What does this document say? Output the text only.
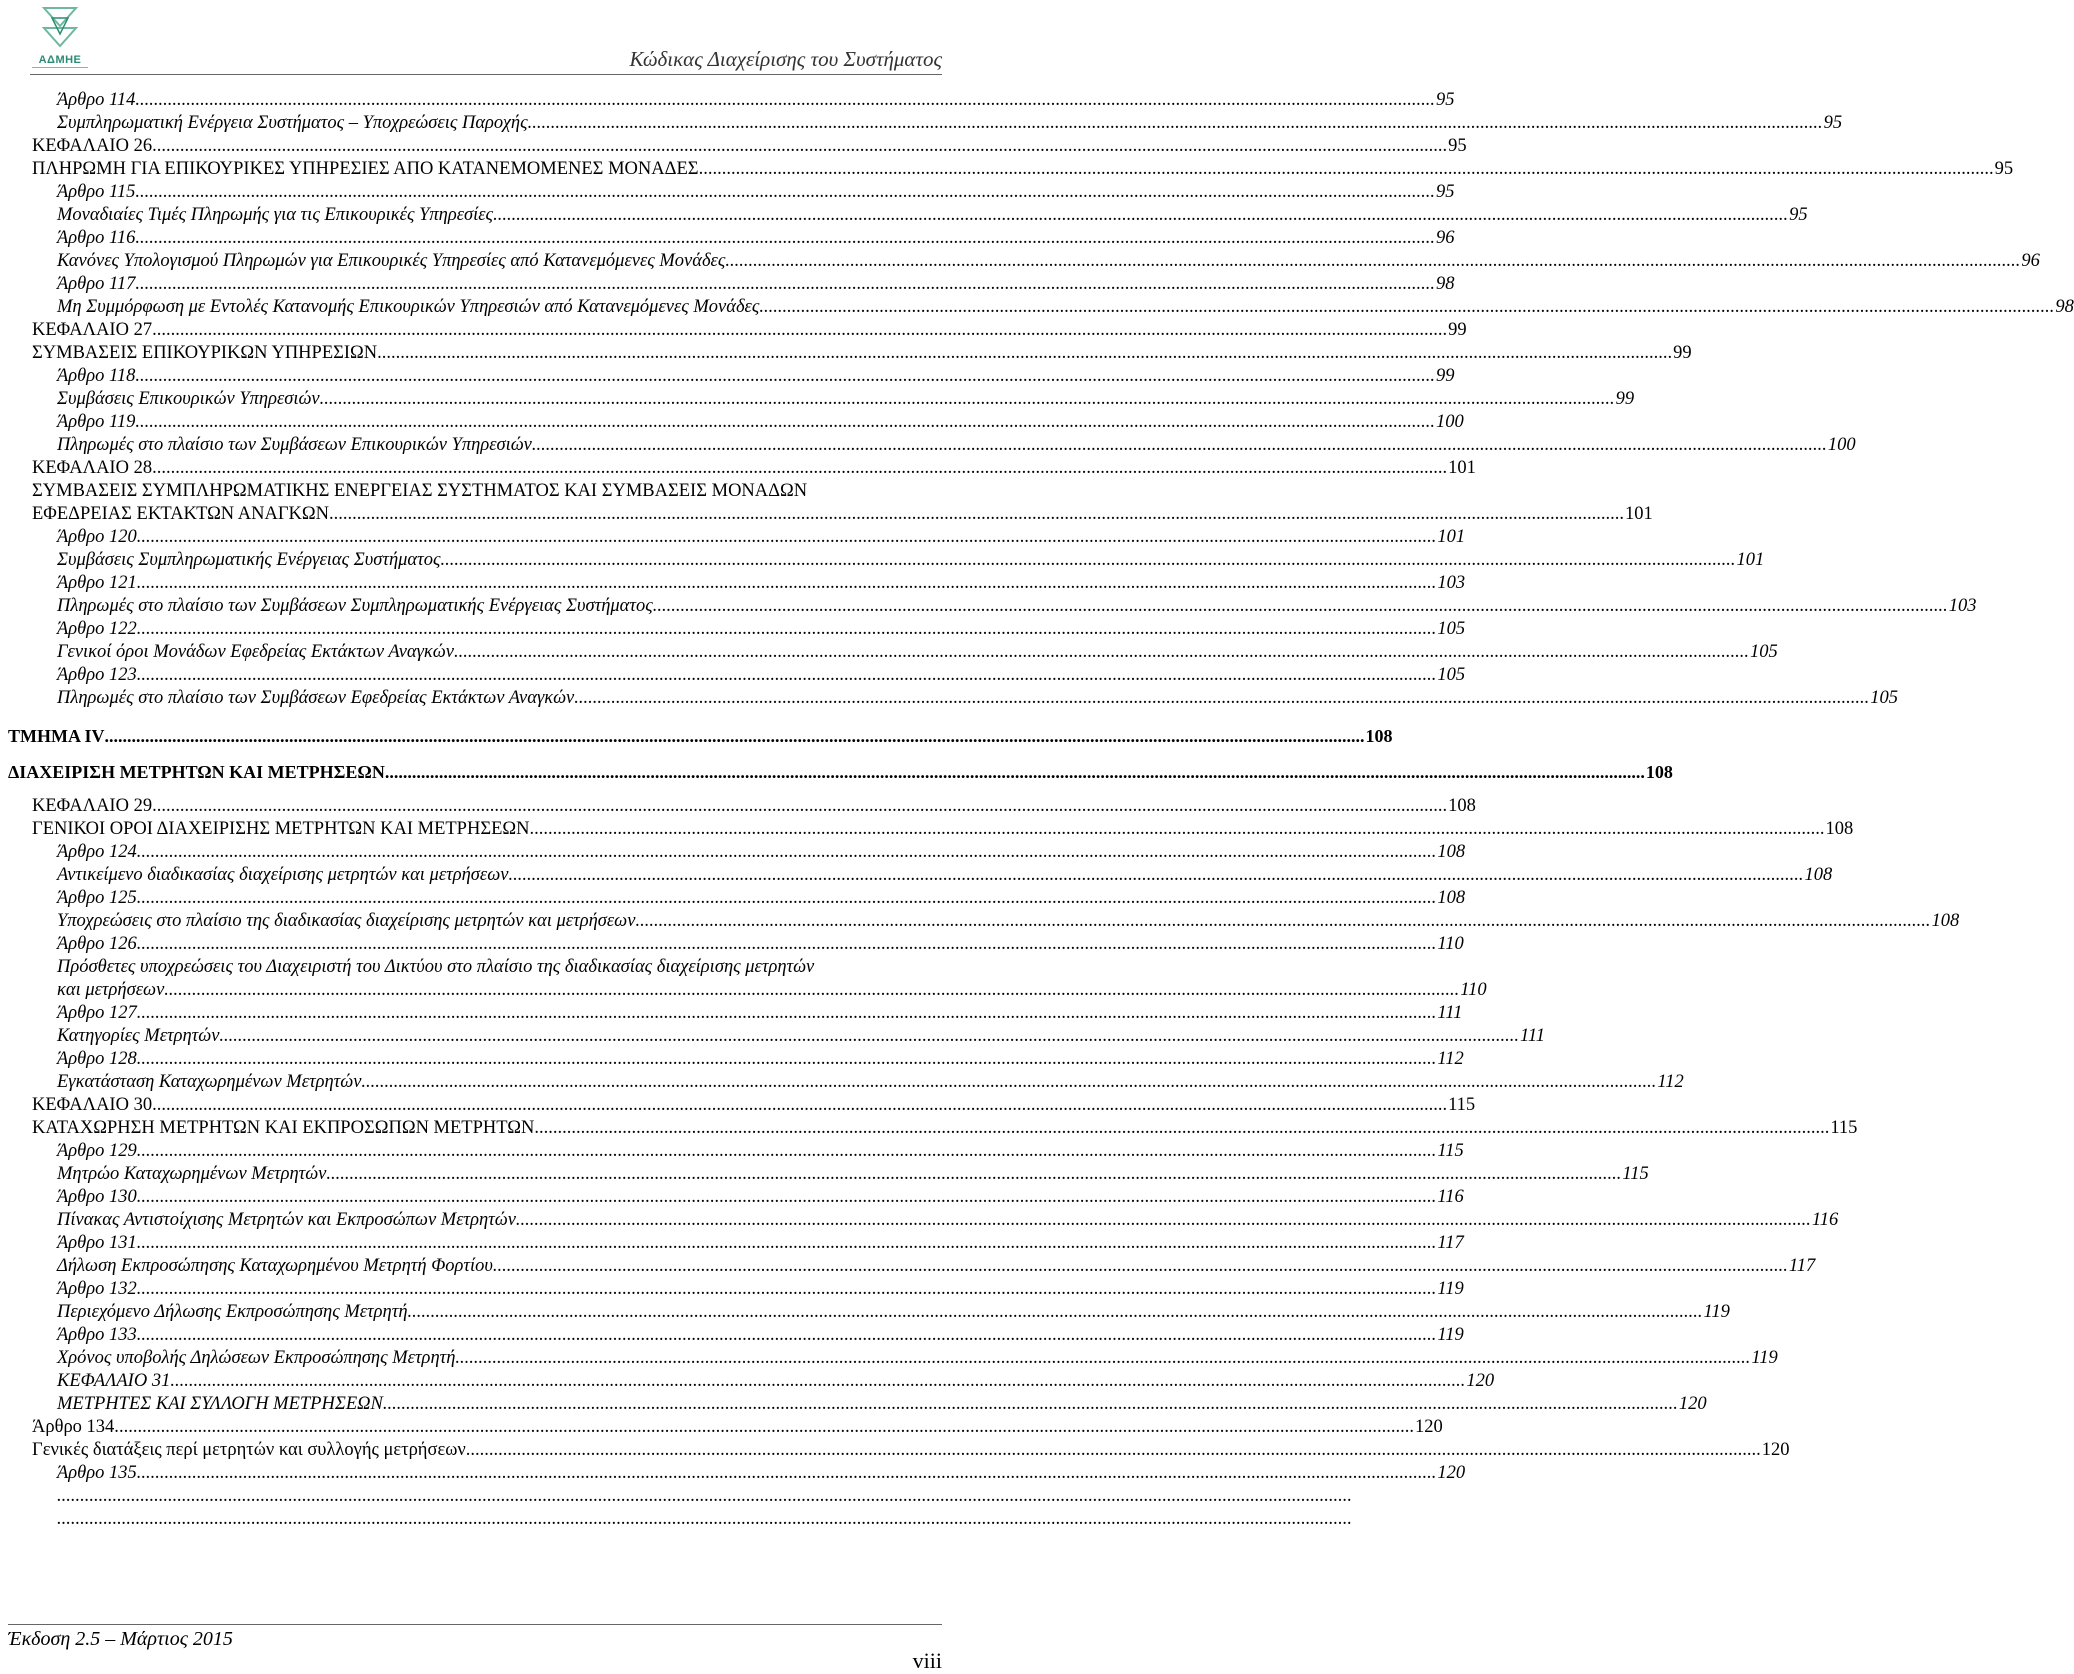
ΑΔΜΗΕ	Κώδικας Διαχείρισης του Συστήματος
Άρθρο 114. .....	95
Συμπληρωματική Ενέργεια Συστήματος – Υποχρεώσεις Παροχής .....	95
ΚΕΦΑΛΑΙΟ 26 .....	95
ΠΛΗΡΩΜΗ ΓΙΑ ΕΠΙΚΟΥΡΙΚΕΣ ΥΠΗΡΕΣΙΕΣ ΑΠΟ ΚΑΤΑΝΕΜΟΜΕΝΕΣ ΜΟΝΑΔΕΣ .....	95
Άρθρο 115. .....	95
Μοναδιαίες Τιμές Πληρωμής για τις Επικουρικές Υπηρεσίες .....	95
Άρθρο 116. .....	96
Κανόνες Υπολογισμού Πληρωμών για Επικουρικές Υπηρεσίες από Κατανεμόμενες Μονάδες .....	96
Άρθρο 117. .....	98
Μη Συμμόρφωση με Εντολές Κατανομής Επικουρικών Υπηρεσιών από Κατανεμόμενες Μονάδες .....	98
ΚΕΦΑΛΑΙΟ 27 .....	99
ΣΥΜΒΑΣΕΙΣ ΕΠΙΚΟΥΡΙΚΩΝ ΥΠΗΡΕΣΙΩΝ .....	99
Άρθρο 118. .....	99
Συμβάσεις Επικουρικών Υπηρεσιών .....	99
Άρθρο 119. .....	100
Πληρωμές στο πλαίσιο των Συμβάσεων Επικουρικών Υπηρεσιών .....	100
ΚΕΦΑΛΑΙΟ 28 .....	101
ΣΥΜΒΑΣΕΙΣ ΣΥΜΠΛΗΡΩΜΑΤΙΚΗΣ ΕΝΕΡΓΕΙΑΣ ΣΥΣΤΗΜΑΤΟΣ ΚΑΙ ΣΥΜΒΑΣΕΙΣ ΜΟΝΑΔΩΝ
ΕΦΕΔΡΕΙΑΣ ΕΚΤΑΚΤΩΝ ΑΝΑΓΚΩΝ .....	101
Άρθρο 120. .....	101
Συμβάσεις Συμπληρωματικής Ενέργειας Συστήματος .....	101
Άρθρο 121. .....	103
Πληρωμές στο πλαίσιο των Συμβάσεων Συμπληρωματικής Ενέργειας Συστήματος .....	103
Άρθρο 122. .....	105
Γενικοί όροι Μονάδων Εφεδρείας Εκτάκτων Αναγκών .....	105
Άρθρο 123. .....	105
Πληρωμές στο πλαίσιο των Συμβάσεων Εφεδρείας Εκτάκτων Αναγκών .....	105
ΤΜΗΜΑ IV .....	108
ΔΙΑΧΕΙΡΙΣΗ ΜΕΤΡΗΤΩΝ ΚΑΙ ΜΕΤΡΗΣΕΩΝ .....	108
ΚΕΦΑΛΑΙΟ 29 .....	108
ΓΕΝΙΚΟΙ ΟΡΟΙ ΔΙΑΧΕΙΡΙΣΗΣ ΜΕΤΡΗΤΩΝ ΚΑΙ ΜΕΤΡΗΣΕΩΝ .....	108
Άρθρο 124. .....	108
Αντικείμενο διαδικασίας διαχείρισης μετρητών και μετρήσεων .....	108
Άρθρο 125. .....	108
Υποχρεώσεις στο πλαίσιο της διαδικασίας διαχείρισης μετρητών και μετρήσεων .....	108
Άρθρο 126. .....	110
Πρόσθετες υποχρεώσεις του Διαχειριστή του Δικτύου στο πλαίσιο της διαδικασίας διαχείρισης μετρητών
και μετρήσεων .....	110
Άρθρο 127. .....	111
Κατηγορίες Μετρητών. .....	111
Άρθρο 128. .....	112
Εγκατάσταση Καταχωρημένων Μετρητών .....	112
ΚΕΦΑΛΑΙΟ 30 .....	115
ΚΑΤΑΧΩΡΗΣΗ ΜΕΤΡΗΤΩΝ ΚΑΙ ΕΚΠΡΟΣΩΠΩΝ ΜΕΤΡΗΤΩΝ .....	115
Άρθρο 129. .....	115
Μητρώο Καταχωρημένων Μετρητών .....	115
Άρθρο 130. .....	116
Πίνακας Αντιστοίχισης Μετρητών και Εκπροσώπων Μετρητών .....	116
Άρθρο 131. .....	117
Δήλωση Εκπροσώπησης Καταχωρημένου Μετρητή Φορτίου .....	117
Άρθρο 132. .....	119
Περιεχόμενο Δήλωσης Εκπροσώπησης Μετρητή .....	119
Άρθρο 133. .....	119
Χρόνος υποβολής Δηλώσεων Εκπροσώπησης Μετρητή .....	119
ΚΕΦΑΛΑΙΟ 31 .....	120
ΜΕΤΡΗΤΕΣ ΚΑΙ ΣΥΛΛΟΓΗ ΜΕΤΡΗΣΕΩΝ .....	120
Άρθρο 134. .....	120
Γενικές διατάξεις περί μετρητών και συλλογής μετρήσεων .....	120
Άρθρο 135. .....	120
.....
.....
Έκδοση 2.5 – Μάρτιος 2015
viii
